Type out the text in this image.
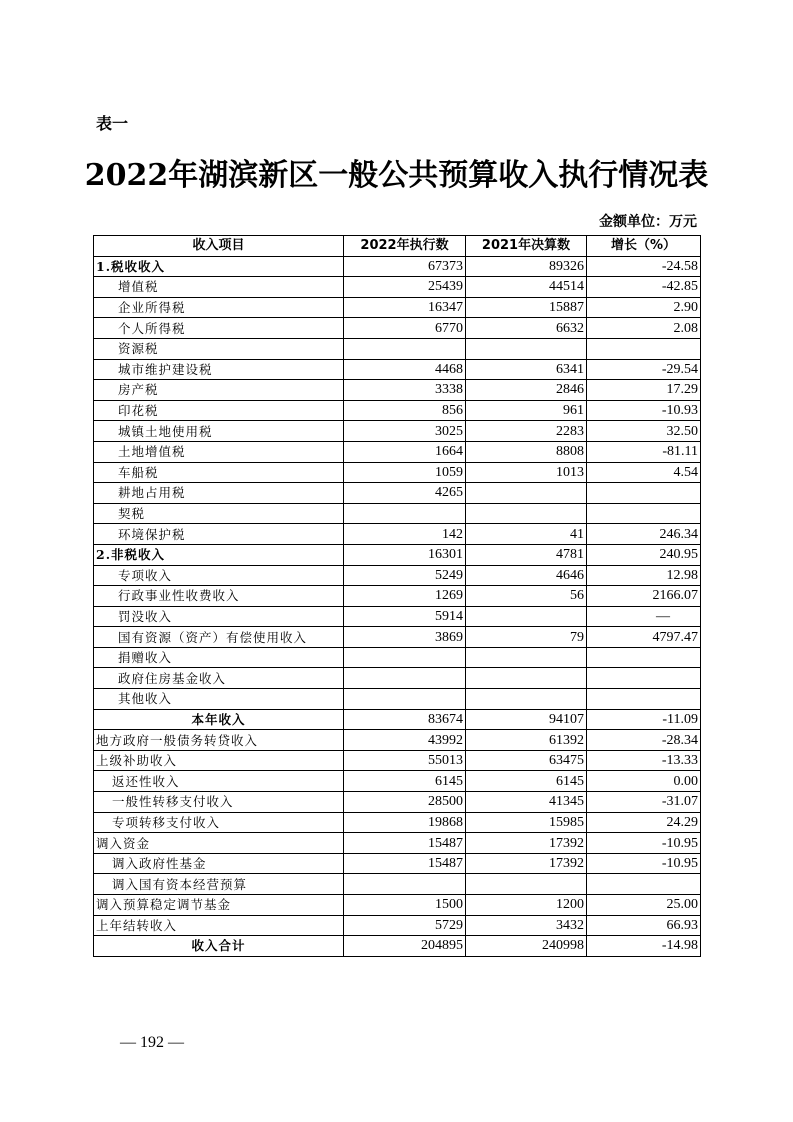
表一
2022年湖滨新区一般公共预算收入执行情况表
金额单位：万元
收入项目	2022年执行数	2021年决算数	增长（%）
1.税收收入	67373	89326	-24.58
增值税	25439	44514	-42.85
企业所得税	16347	15887	2.90
个人所得税	6770	6632	2.08
资源税			
城市维护建设税	4468	6341	-29.54
房产税	3338	2846	17.29
印花税	856	961	-10.93
城镇土地使用税	3025	2283	32.50
土地增值税	1664	8808	-81.11
车船税	1059	1013	4.54
耕地占用税	4265		
契税			
环境保护税	142	41	246.34
2.非税收入	16301	4781	240.95
专项收入	5249	4646	12.98
行政事业性收费收入	1269	56	2166.07
罚没收入	5914		—
国有资源（资产）有偿使用收入	3869	79	4797.47
捐赠收入			
政府住房基金收入			
其他收入			
本年收入	83674	94107	-11.09
地方政府一般债务转贷收入	43992	61392	-28.34
上级补助收入	55013	63475	-13.33
返还性收入	6145	6145	0.00
一般性转移支付收入	28500	41345	-31.07
专项转移支付收入	19868	15985	24.29
调入资金	15487	17392	-10.95
调入政府性基金	15487	17392	-10.95
调入国有资本经营预算			
调入预算稳定调节基金	1500	1200	25.00
上年结转收入	5729	3432	66.93
收入合计	204895	240998	-14.98
— 192 —
